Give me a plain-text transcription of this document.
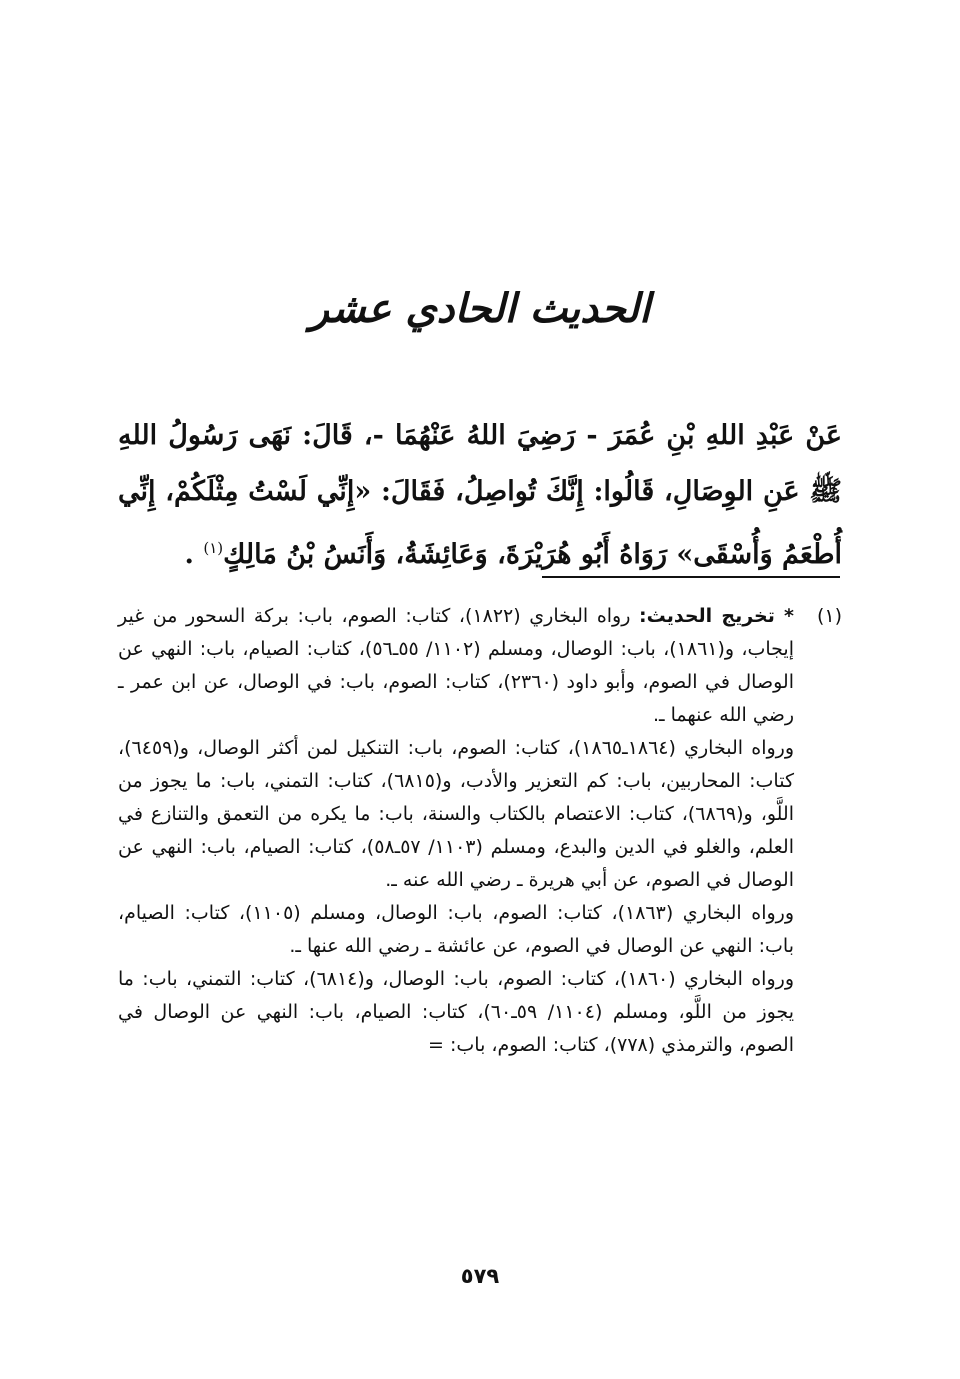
الحديث الحادي عشر
عَنْ عَبْدِ اللهِ بْنِ عُمَرَ - رَضِيَ اللهُ عَنْهُمَا -، قَالَ: نَهَى رَسُولُ اللهِ ﷺ عَنِ الوِصَالِ، قَالُوا: إِنَّكَ تُواصِلُ، فَقَالَ: «إِنِّي لَسْتُ مِثْلَكُمْ، إِنِّي أُطْعَمُ وَأُسْقَى» رَوَاهُ أَبُو هُرَيْرَةَ، وَعَائِشَةُ، وَأَنَسُ بْنُ مَالِكٍ$^{(١)}$ .
(١)

* تخريج الحديث: رواه البخاري (١٨٢٢)، كتاب: الصوم، باب: بركة السحور من غير إيجاب، و(١٨٦١)، باب: الوصال، ومسلم (١١٠٢/ ٥٥ـ٥٦)، كتاب: الصيام، باب: النهي عن الوصال في الصوم، وأبو داود (٢٣٦٠)، كتاب: الصوم، باب: في الوصال، عن ابن عمر ـ رضي الله عنهما ـ.

ورواه البخاري (١٨٦٤ـ١٨٦٥)، كتاب: الصوم، باب: التنكيل لمن أكثر الوصال، و(٦٤٥٩)، كتاب: المحاربين، باب: كم التعزير والأدب، و(٦٨١٥)، كتاب: التمني، باب: ما يجوز من اللَّو، و(٦٨٦٩)، كتاب: الاعتصام بالكتاب والسنة، باب: ما يكره من التعمق والتنازع في العلم، والغلو في الدين والبدع، ومسلم (١١٠٣/ ٥٧ـ٥٨)، كتاب: الصيام، باب: النهي عن الوصال في الصوم، عن أبي هريرة ـ رضي الله عنه ـ.

ورواه البخاري (١٨٦٣)، كتاب: الصوم، باب: الوصال، ومسلم (١١٠٥)، كتاب: الصيام، باب: النهي عن الوصال في الصوم، عن عائشة ـ رضي الله عنها ـ.

ورواه البخاري (١٨٦٠)، كتاب: الصوم، باب: الوصال، و(٦٨١٤)، كتاب: التمني، باب: ما يجوز من اللَّو، ومسلم (١١٠٤/ ٥٩ـ٦٠)، كتاب: الصيام، باب: النهي عن الوصال في الصوم، والترمذي (٧٧٨)، كتاب: الصوم، باب: =

٥٧٩
